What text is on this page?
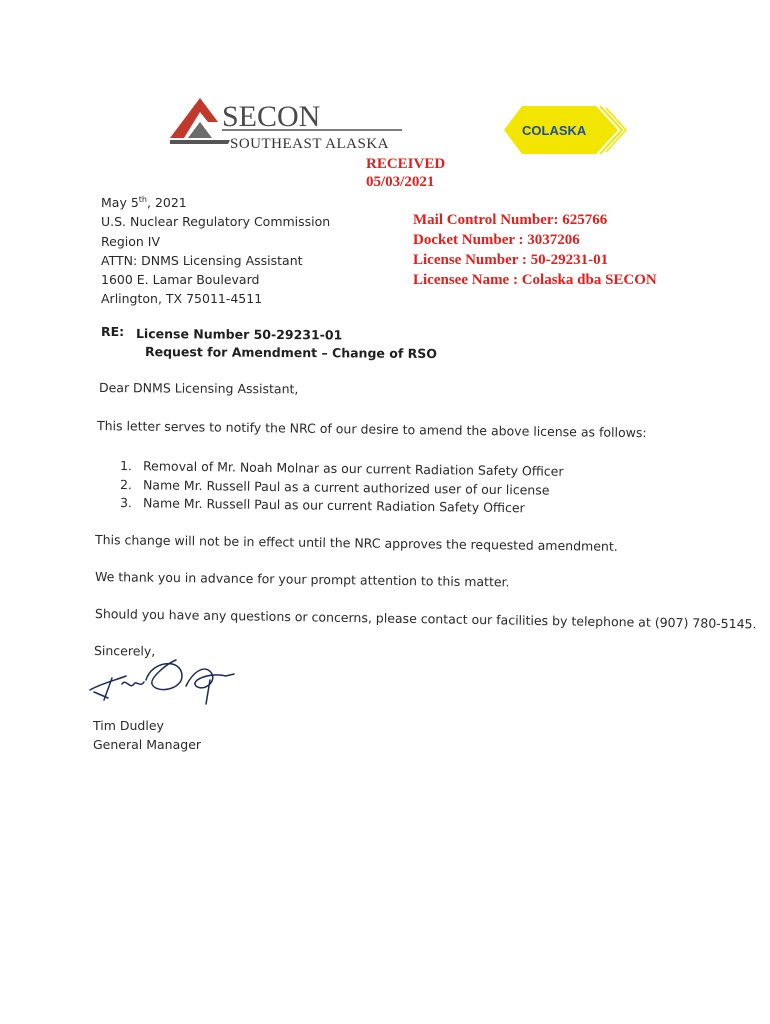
SECON
SOUTHEAST ALASKA
COLASKA
RECEIVED
05/03/2021
Mail Control Number: 625766
Docket Number : 3037206
License Number : 50-29231-01
Licensee Name : Colaska dba SECON
May 5th, 2021
U.S. Nuclear Regulatory Commission
Region IV
ATTN: DNMS Licensing Assistant
1600 E. Lamar Boulevard
Arlington, TX 75011-4511
RE: License Number 50-29231-01
Request for Amendment – Change of RSO
Dear DNMS Licensing Assistant,
This letter serves to notify the NRC of our desire to amend the above license as follows:
1. Removal of Mr. Noah Molnar as our current Radiation Safety Officer
2. Name Mr. Russell Paul as a current authorized user of our license
3. Name Mr. Russell Paul as our current Radiation Safety Officer
This change will not be in effect until the NRC approves the requested amendment.
We thank you in advance for your prompt attention to this matter.
Should you have any questions or concerns, please contact our facilities by telephone at (907) 780-5145.
Sincerely,
Tim Dudley
General Manager
